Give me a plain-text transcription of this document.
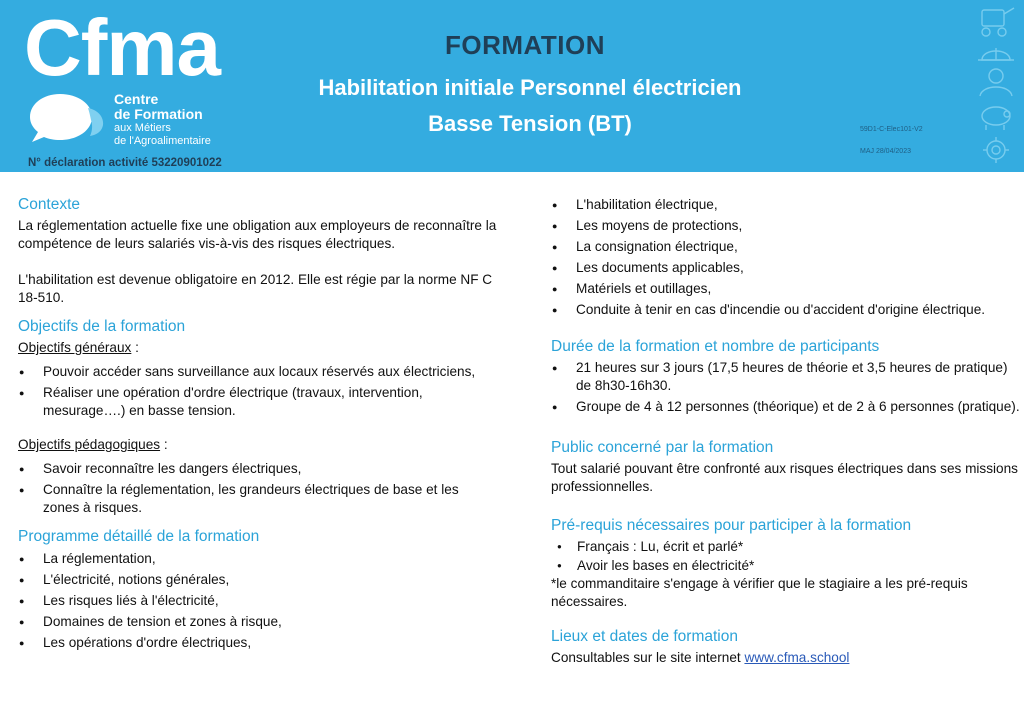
Cfma
Centre
de Formation
aux Métiers
de l'Agroalimentaire
N° déclaration activité 53220901022
FORMATION
Habilitation initiale Personnel électricien
Basse Tension (BT)	59D1-C-Elec101-V2
MAJ 28/04/2023
Contexte

La réglementation actuelle fixe une obligation aux employeurs de reconnaître la compétence de leurs salariés vis-à-vis des risques électriques.

L'habilitation est devenue obligatoire en 2012. Elle est régie par la norme NF C 18-510.

Objectifs de la formation
Objectifs généraux :
● Pouvoir accéder sans surveillance aux locaux réservés aux électriciens,
● Réaliser une opération d'ordre électrique (travaux, intervention, mesurage….) en basse tension.
Objectifs pédagogiques :
● Savoir reconnaître les dangers électriques,
● Connaître la réglementation, les grandeurs électriques de base et les zones à risques.
Programme détaillé de la formation
● La réglementation,
● L'électricité, notions générales,
● Les risques liés à l'électricité,
● Domaines de tension et zones à risque,
● Les opérations d'ordre électriques,
● L'habilitation électrique,
● Les moyens de protections,
● La consignation électrique,
● Les documents applicables,
● Matériels et outillages,
● Conduite à tenir en cas d'incendie ou d'accident d'origine électrique.
Durée de la formation et nombre de participants
● 21 heures sur 3 jours (17,5 heures de théorie et 3,5 heures de pratique) de 8h30-16h30.
● Groupe de 4 à 12 personnes (théorique) et de 2 à 6 personnes (pratique).
Public concerné par la formation

Tout salarié pouvant être confronté aux risques électriques dans ses missions professionnelles.

Pré-requis nécessaires pour participer à la formation
● Français : Lu, écrit et parlé*
● Avoir les bases en électricité*

*le commanditaire s'engage à vérifier que le stagiaire a les pré-requis nécessaires.

Lieux et dates de formation

Consultables sur le site internet www.cfma.school
